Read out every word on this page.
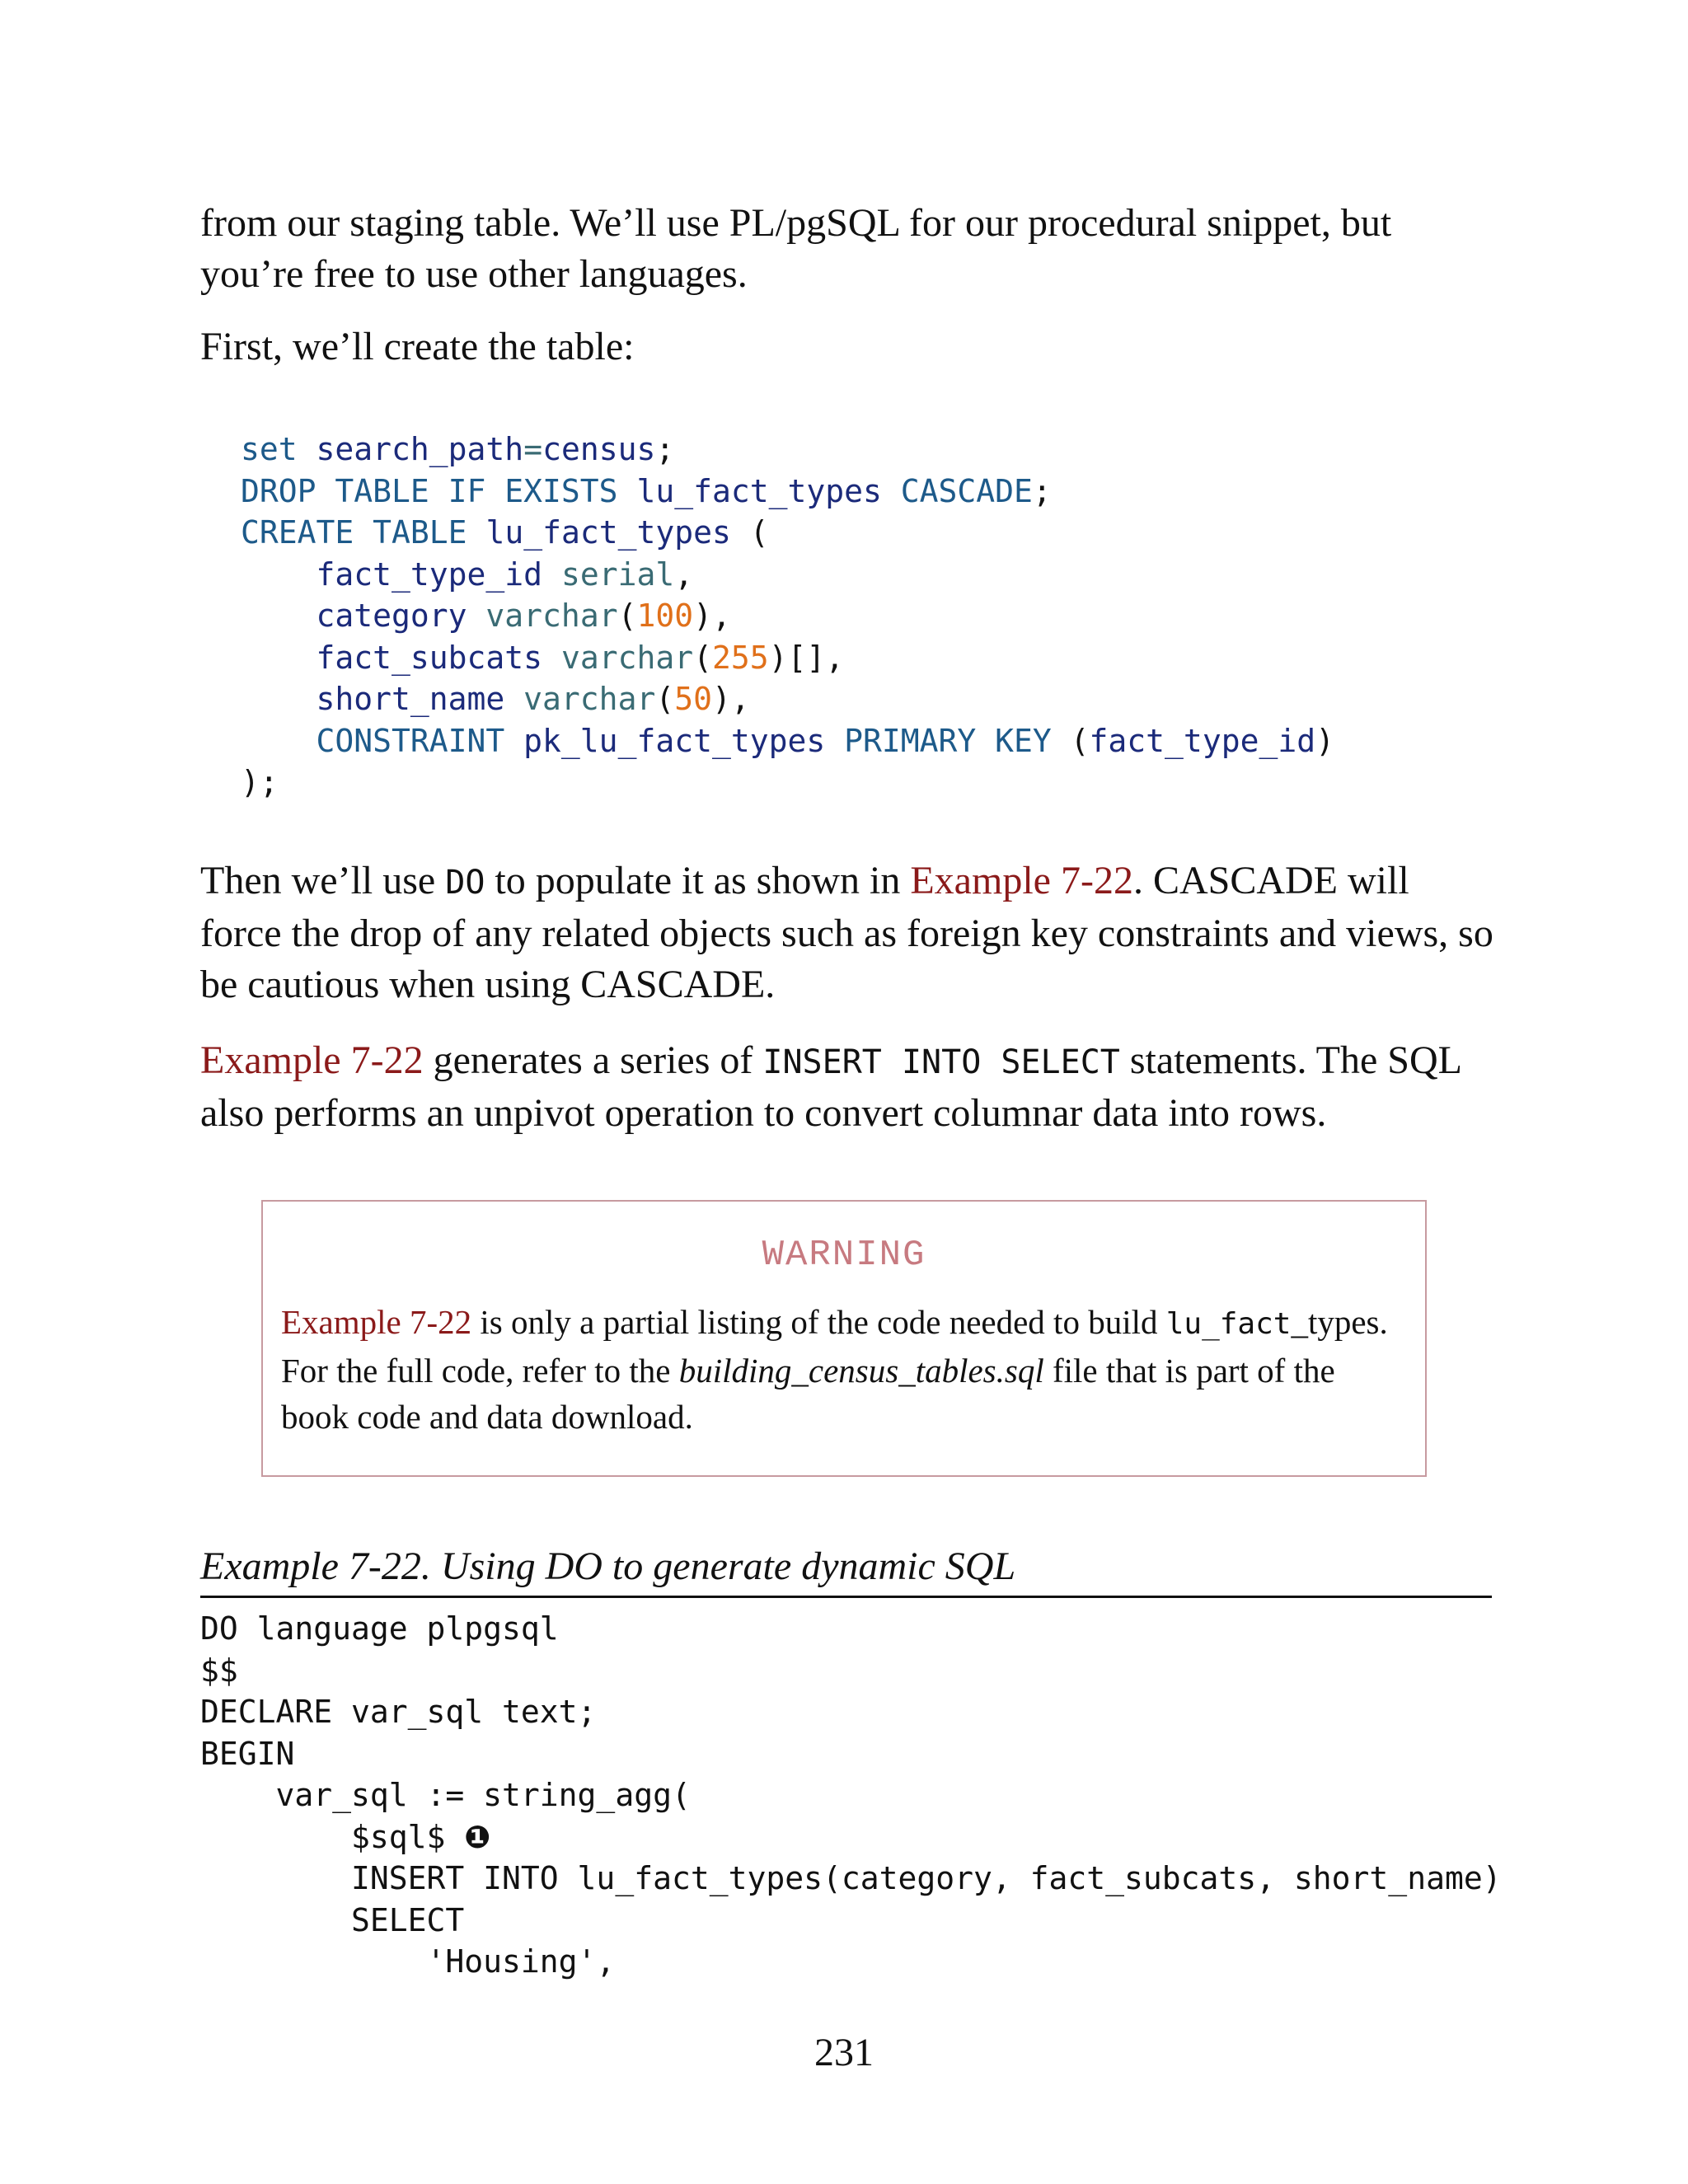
from our staging table. We’ll use PL/pgSQL for our procedural snippet, but you’re free to use other languages.

First, we’ll create the table:

set search_path=census;
DROP TABLE IF EXISTS lu_fact_types CASCADE;
CREATE TABLE lu_fact_types (
fact_type_id serial,
category varchar(100),
fact_subcats varchar(255)[],
short_name varchar(50),
CONSTRAINT pk_lu_fact_types PRIMARY KEY (fact_type_id)
);

Then we’ll use DO to populate it as shown in Example 7-22. CASCADE will force the drop of any related objects such as foreign key constraints and views, so be cautious when using CASCADE.

Example 7-22 generates a series of INSERT INTO SELECT statements. The SQL also performs an unpivot operation to convert columnar data into rows.

WARNING

Example 7-22 is only a partial listing of the code needed to build lu_fact_types. For the full code, refer to the building_census_tables.sql file that is part of the book code and data download.

Example 7-22. Using DO to generate dynamic SQL
DO language plpgsql
$$
DECLARE var_sql text;
BEGIN
var_sql := string_agg(
$sql$ ❶
INSERT INTO lu_fact_types(category, fact_subcats, short_name)
SELECT
'Housing',
231
